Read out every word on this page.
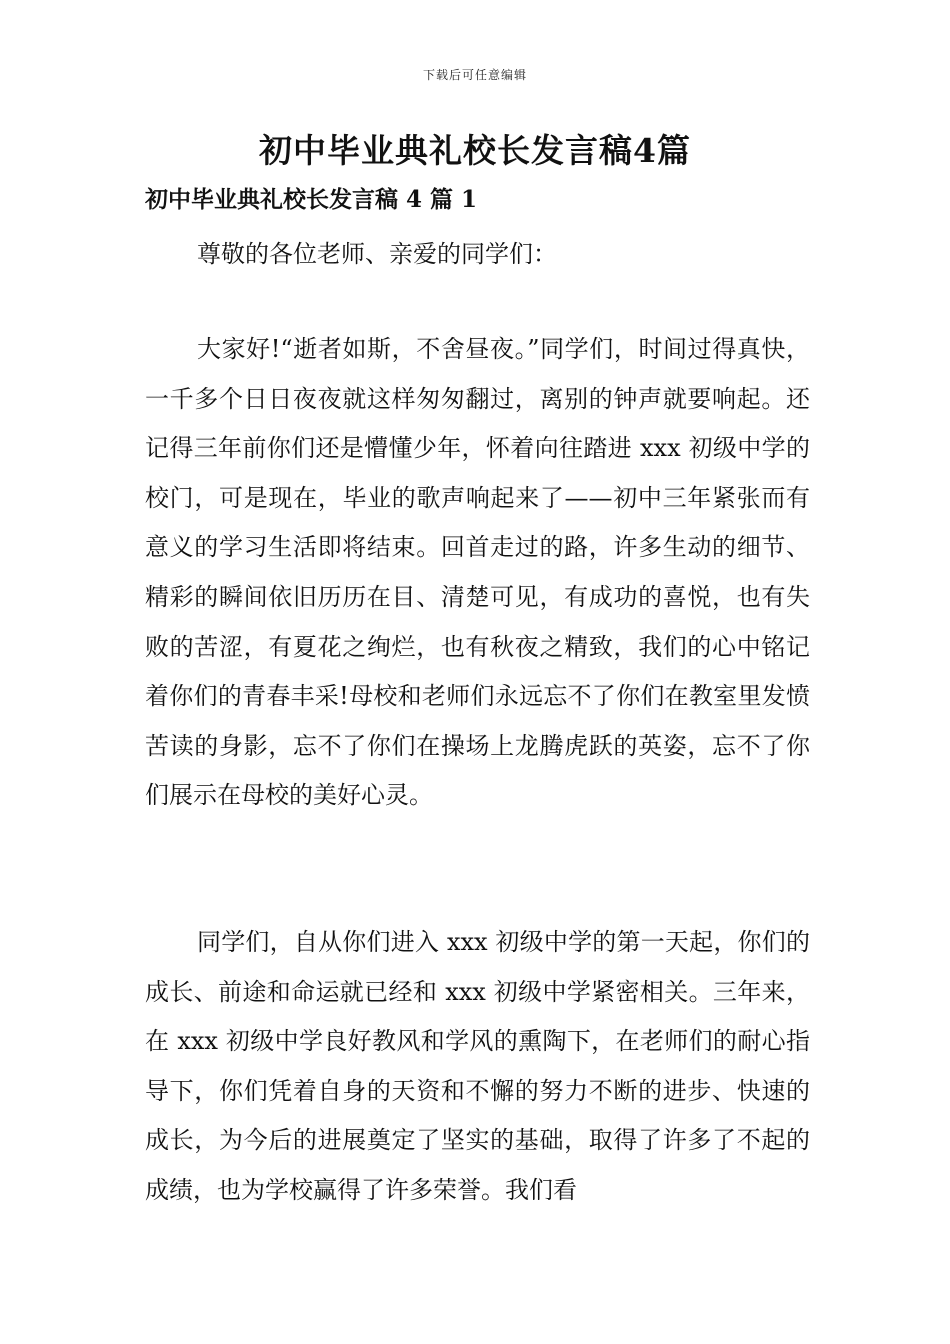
下载后可任意编辑
初中毕业典礼校长发言稿4篇
初中毕业典礼校长发言稿 4 篇 1

尊敬的各位老师、亲爱的同学们：

大家好!“逝者如斯，不舍昼夜。”同学们，时间过得真快，一千多个日日夜夜就这样匆匆翻过，离别的钟声就要响起。还记得三年前你们还是懵懂少年，怀着向往踏进 xxx 初级中学的校门，可是现在，毕业的歌声响起来了——初中三年紧张而有意义的学习生活即将结束。回首走过的路，许多生动的细节、精彩的瞬间依旧历历在目、清楚可见，有成功的喜悦，也有失败的苦涩，有夏花之绚烂，也有秋夜之精致，我们的心中铭记着你们的青春丰采!母校和老师们永远忘不了你们在教室里发愤苦读的身影，忘不了你们在操场上龙腾虎跃的英姿，忘不了你们展示在母校的美好心灵。

同学们，自从你们进入 xxx 初级中学的第一天起，你们的成长、前途和命运就已经和 xxx 初级中学紧密相关。三年来，在 xxx 初级中学良好教风和学风的熏陶下，在老师们的耐心指导下，你们凭着自身的天资和不懈的努力不断的进步、快速的成长，为今后的进展奠定了坚实的基础，取得了许多了不起的成绩，也为学校赢得了许多荣誉。我们看
